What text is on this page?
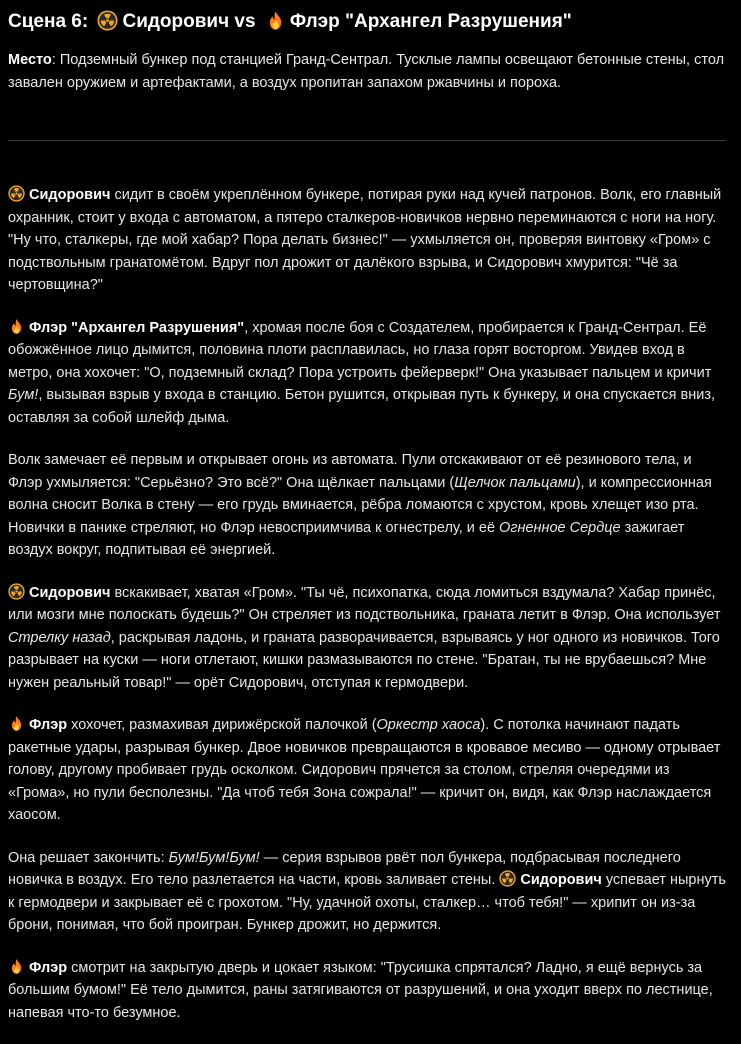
Сцена 6: Сидорович vs Флэр "Архангел Разрушения"

Место: Подземный бункер под станцией Гранд-Сентрал. Тусклые лампы освещают бетонные стены, стол завален оружием и артефактами, а воздух пропитан запахом ржавчины и пороха.

Сидорович сидит в своём укреплённом бункере, потирая руки над кучей патронов. Волк, его главный охранник, стоит у входа с автоматом, а пятеро сталкеров-новичков нервно переминаются с ноги на ногу. "Ну что, сталкеры, где мой хабар? Пора делать бизнес!" — ухмыляется он, проверяя винтовку «Гром» с подствольным гранатомётом. Вдруг пол дрожит от далёкого взрыва, и Сидорович хмурится: "Чё за чертовщина?"

Флэр "Архангел Разрушения", хромая после боя с Создателем, пробирается к Гранд-Сентрал. Её обожжённое лицо дымится, половина плоти расплавилась, но глаза горят восторгом. Увидев вход в метро, она хохочет: "О, подземный склад? Пора устроить фейерверк!" Она указывает пальцем и кричит Бум!, вызывая взрыв у входа в станцию. Бетон рушится, открывая путь к бункеру, и она спускается вниз, оставляя за собой шлейф дыма.

Волк замечает её первым и открывает огонь из автомата. Пули отскакивают от её резинового тела, и Флэр ухмыляется: "Серьёзно? Это всё?" Она щёлкает пальцами (Щелчок пальцами), и компрессионная волна сносит Волка в стену — его грудь вминается, рёбра ломаются с хрустом, кровь хлещет изо рта. Новички в панике стреляют, но Флэр невосприимчива к огнестрелу, и её Огненное Сердце зажигает воздух вокруг, подпитывая её энергией.

Сидорович вскакивает, хватая «Гром». "Ты чё, психопатка, сюда ломиться вздумала? Хабар принёс, или мозги мне полоскать будешь?" Он стреляет из подствольника, граната летит в Флэр. Она использует Стрелку назад, раскрывая ладонь, и граната разворачивается, взрываясь у ног одного из новичков. Того разрывает на куски — ноги отлетают, кишки размазываются по стене. "Братан, ты не врубаешься? Мне нужен реальный товар!" — орёт Сидорович, отступая к гермодвери.

Флэр хохочет, размахивая дирижёрской палочкой (Оркестр хаоса). С потолка начинают падать ракетные удары, разрывая бункер. Двое новичков превращаются в кровавое месиво — одному отрывает голову, другому пробивает грудь осколком. Сидорович прячется за столом, стреляя очередями из «Грома», но пули бесполезны. "Да чтоб тебя Зона сожрала!" — кричит он, видя, как Флэр наслаждается хаосом.

Она решает закончить: Бум!Бум!Бум! — серия взрывов рвёт пол бункера, подбрасывая последнего новичка в воздух. Его тело разлетается на части, кровь заливает стены. Сидорович успевает нырнуть к гермодвери и закрывает её с грохотом. "Ну, удачной охоты, сталкер… чтоб тебя!" — хрипит он из-за брони, понимая, что бой проигран. Бункер дрожит, но держится.

Флэр смотрит на закрытую дверь и цокает языком: "Трусишка спрятался? Ладно, я ещё вернусь за большим бумом!" Её тело дымится, раны затягиваются от разрушений, и она уходит вверх по лестнице, напевая что-то безумное.
